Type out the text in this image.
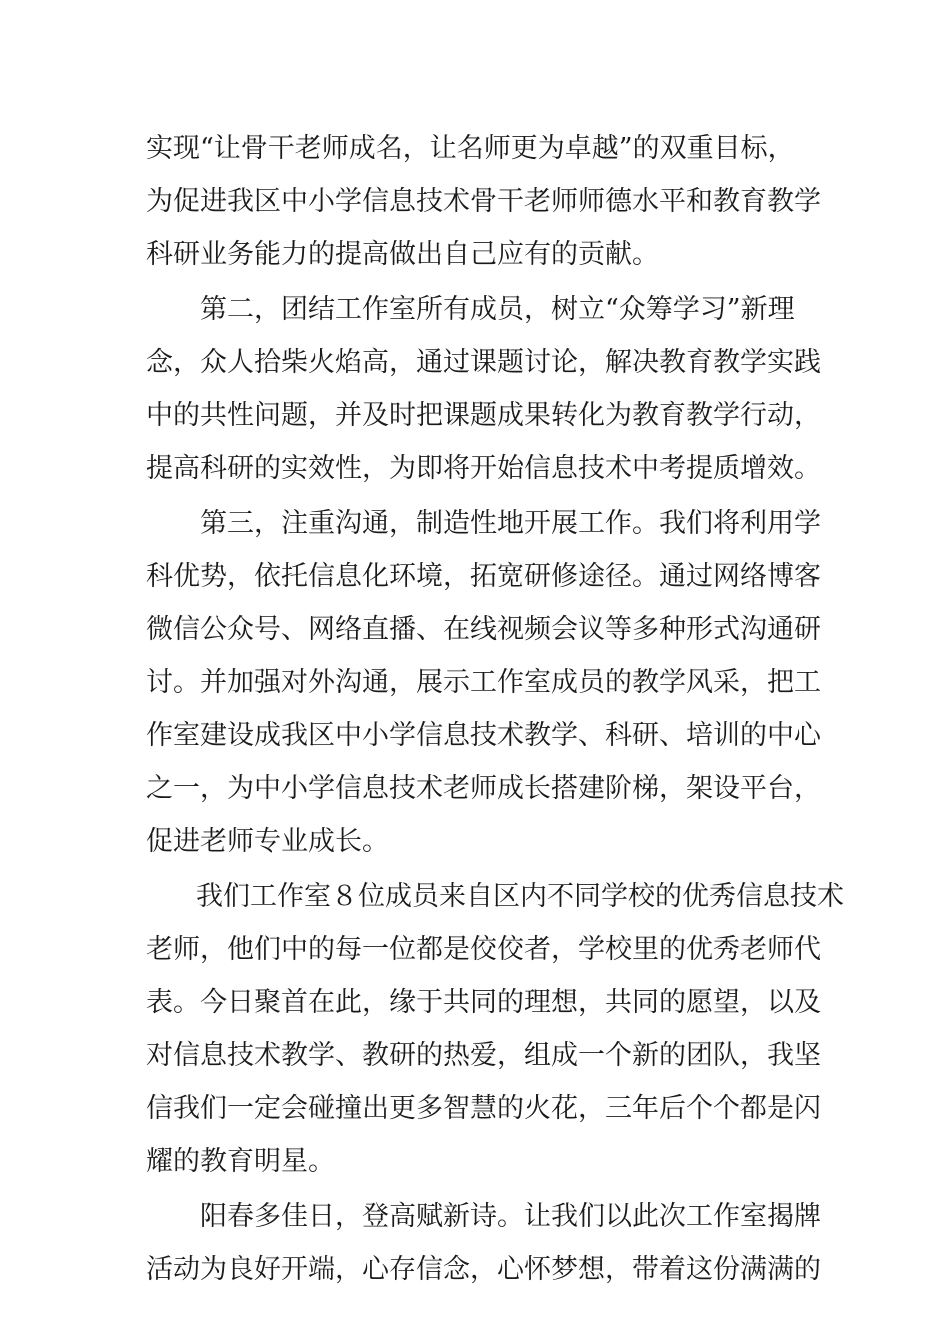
实现“让骨干老师成名，让名师更为卓越”的双重目标，
为促进我区中小学信息技术骨干老师师德水平和教育教学
科研业务能力的提高做出自己应有的贡献。
第二，团结工作室所有成员，树立“众筹学习”新理
念，众人拾柴火焰高，通过课题讨论，解决教育教学实践
中的共性问题，并及时把课题成果转化为教育教学行动，
提高科研的实效性，为即将开始信息技术中考提质增效。
第三，注重沟通，制造性地开展工作。我们将利用学
科优势，依托信息化环境，拓宽研修途径。通过网络博客
微信公众号、网络直播、在线视频会议等多种形式沟通研
讨。并加强对外沟通，展示工作室成员的教学风采，把工
作室建设成我区中小学信息技术教学、科研、培训的中心
之一，为中小学信息技术老师成长搭建阶梯，架设平台，
促进老师专业成长。
我们工作室８位成员来自区内不同学校的优秀信息技术
老师，他们中的每一位都是佼佼者，学校里的优秀老师代
表。今日聚首在此，缘于共同的理想，共同的愿望，以及
对信息技术教学、教研的热爱，组成一个新的团队，我坚
信我们一定会碰撞出更多智慧的火花，三年后个个都是闪
耀的教育明星。
阳春多佳日，登高赋新诗。让我们以此次工作室揭牌
活动为良好开端，心存信念，心怀梦想，带着这份满满的
